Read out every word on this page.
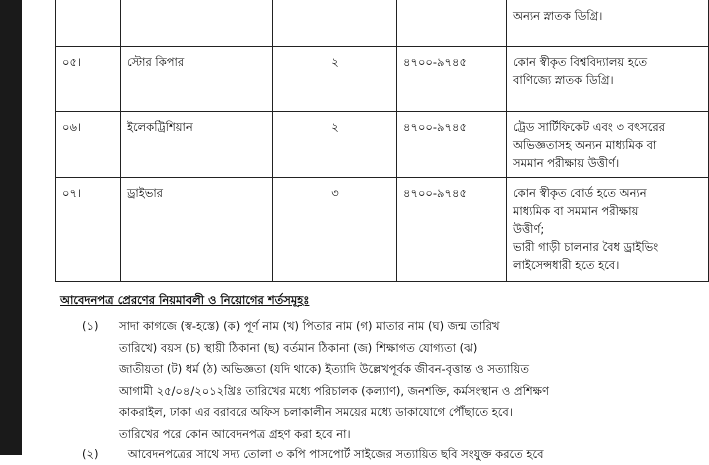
				অন্যন স্নাতক ডিগ্রি।

০৫।	স্টোর কিপার	২	৪৭০০-৯৭৪৫	কোন স্বীকৃত বিশ্ববিদ্যালয় হতে
বাণিজ্যে স্নাতক ডিগ্রি।

০৬।	ইলেকট্রিশিয়ান	২	৪৭০০-৯৭৪৫	ট্রেড সার্টিফিকেট এবং ৩ বৎসরের
অভিজ্ঞতাসহ অন্যন মাধ্যমিক বা
সমমান পরীক্ষায় উত্তীর্ণ।

০৭।	ড্রাইভার	৩	৪৭০০-৯৭৪৫	কোন স্বীকৃত বোর্ড হতে অন্যন
মাধ্যমিক বা সমমান পরীক্ষায়
উত্তীর্ণ;
ভারী গাড়ী চালনার বৈধ ড্রাইভিং
লাইসেন্সধারী হতে হবে।
আবেদনপত্র প্রেরণের নিয়মাবলী ও নিয়োগের শর্তসমূহঃ
(১) সাদা কাগজে (স্ব-হস্তে) (ক) পূর্ণ নাম (খ) পিতার নাম (গ) মাতার নাম (ঘ) জন্ম তারিখ
তারিখে) বয়স (চ) স্থায়ী ঠিকানা (ছ) বর্তমান ঠিকানা (জ) শিক্ষাগত যোগ্যতা (ঝ)
জাতীয়তা (ট) ধর্ম (ঠ) অভিজ্ঞতা (যদি থাকে) ইত্যাদি উল্লেখপূর্বক জীবন-বৃত্তান্ত ও সত্যায়িত
আগামী ২৫/০৪/২০১২খ্রিঃ তারিখের মধ্যে পরিচালক (কল্যাণ), জনশক্তি, কর্মসংস্থান ও প্রশিক্ষণ
কাকরাইল, ঢাকা এর বরাবরে অফিস চলাকালীন সময়ের মধ্যে ডাকাযোগে পৌঁছাতে হবে।
তারিখের পরে কোন আবেদনপত্র গ্রহণ করা হবে না।
(২)	আবেদনপত্রের সাথে সদ্য তোলা ৩ কপি পাসপোর্ট সাইজের সত্যায়িত ছবি সংযুক্ত করতে হবে
